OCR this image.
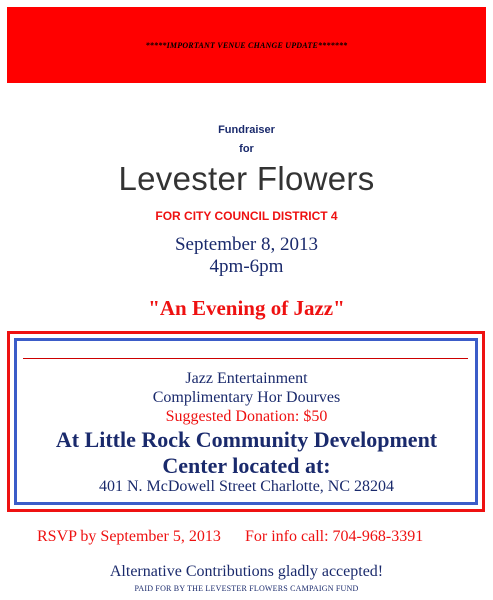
*****IMPORTANT VENUE CHANGE UPDATE*******
Fundraiser
for
Levester Flowers
FOR CITY COUNCIL DISTRICT 4
September 8, 2013
4pm-6pm
"An Evening of Jazz"
Jazz Entertainment
Complimentary Hor Dourves
Suggested Donation: $50
At Little Rock Community Development
Center located at:
401 N. McDowell Street Charlotte, NC 28204
RSVP by September 5, 2013 For info call: 704-968-3391
Alternative Contributions gladly accepted!
PAID FOR BY THE LEVESTER FLOWERS CAMPAIGN FUND
